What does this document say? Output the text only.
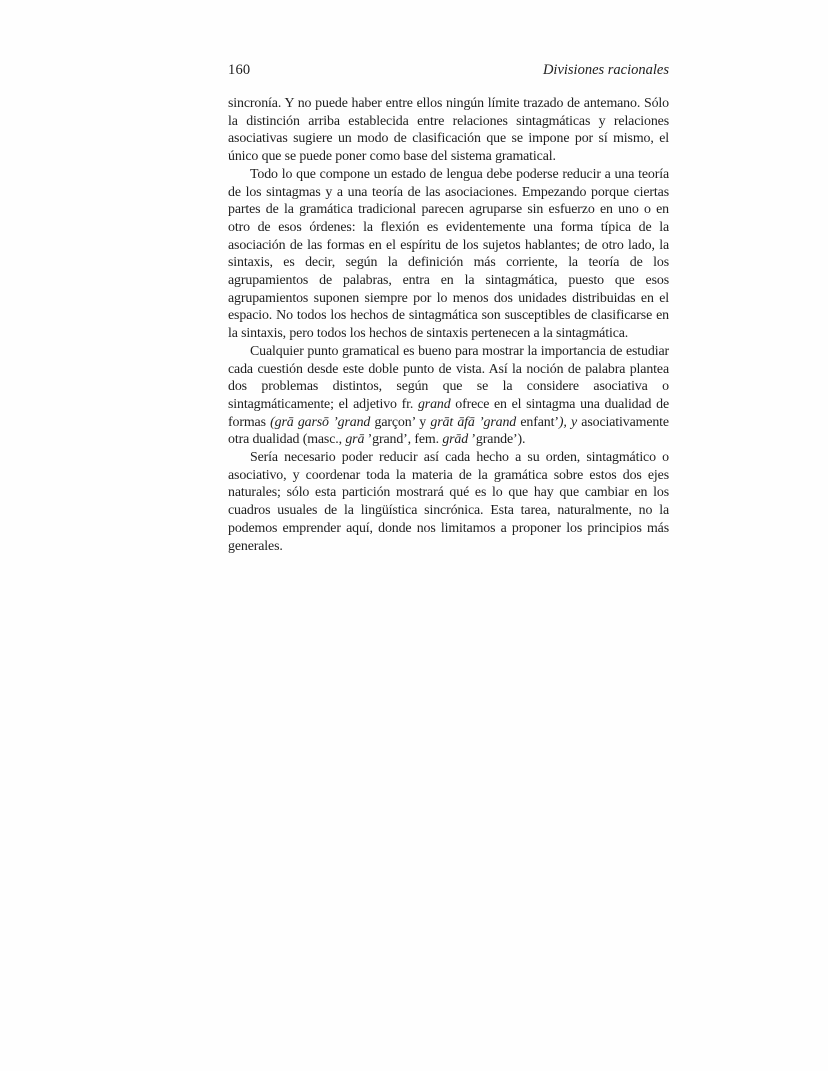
160	Divisiones racionales

sincronía. Y no puede haber entre ellos ningún límite trazado de antemano. Sólo la distinción arriba establecida entre relaciones sintagmáticas y relaciones asociativas sugiere un modo de clasificación que se impone por sí mismo, el único que se puede poner como base del sistema gramatical.

Todo lo que compone un estado de lengua debe poderse reducir a una teoría de los sintagmas y a una teoría de las asociaciones. Empezando porque ciertas partes de la gramática tradicional parecen agruparse sin esfuerzo en uno o en otro de esos órdenes: la flexión es evidentemente una forma típica de la asociación de las formas en el espíritu de los sujetos hablantes; de otro lado, la sintaxis, es decir, según la definición más corriente, la teoría de los agrupamientos de palabras, entra en la sintagmática, puesto que esos agrupamientos suponen siempre por lo menos dos unidades distribuidas en el espacio. No todos los hechos de sintagmática son susceptibles de clasificarse en la sintaxis, pero todos los hechos de sintaxis pertenecen a la sintagmática.

Cualquier punto gramatical es bueno para mostrar la importancia de estudiar cada cuestión desde este doble punto de vista. Así la noción de palabra plantea dos problemas distintos, según que se la considere asociativa o sintagmáticamente; el adjetivo fr. grand ofrece en el sintagma una dualidad de formas (grā garsō ’grand garçon’ y grāt āfā ’grand enfant’), y asociativamente otra dualidad (masc., grā ’grand’, fem. grād ’grande’).

Sería necesario poder reducir así cada hecho a su orden, sintagmático o asociativo, y coordenar toda la materia de la gramática sobre estos dos ejes naturales; sólo esta partición mostrará qué es lo que hay que cambiar en los cuadros usuales de la lingüística sincrónica. Esta tarea, naturalmente, no la podemos emprender aquí, donde nos limitamos a proponer los principios más generales.
